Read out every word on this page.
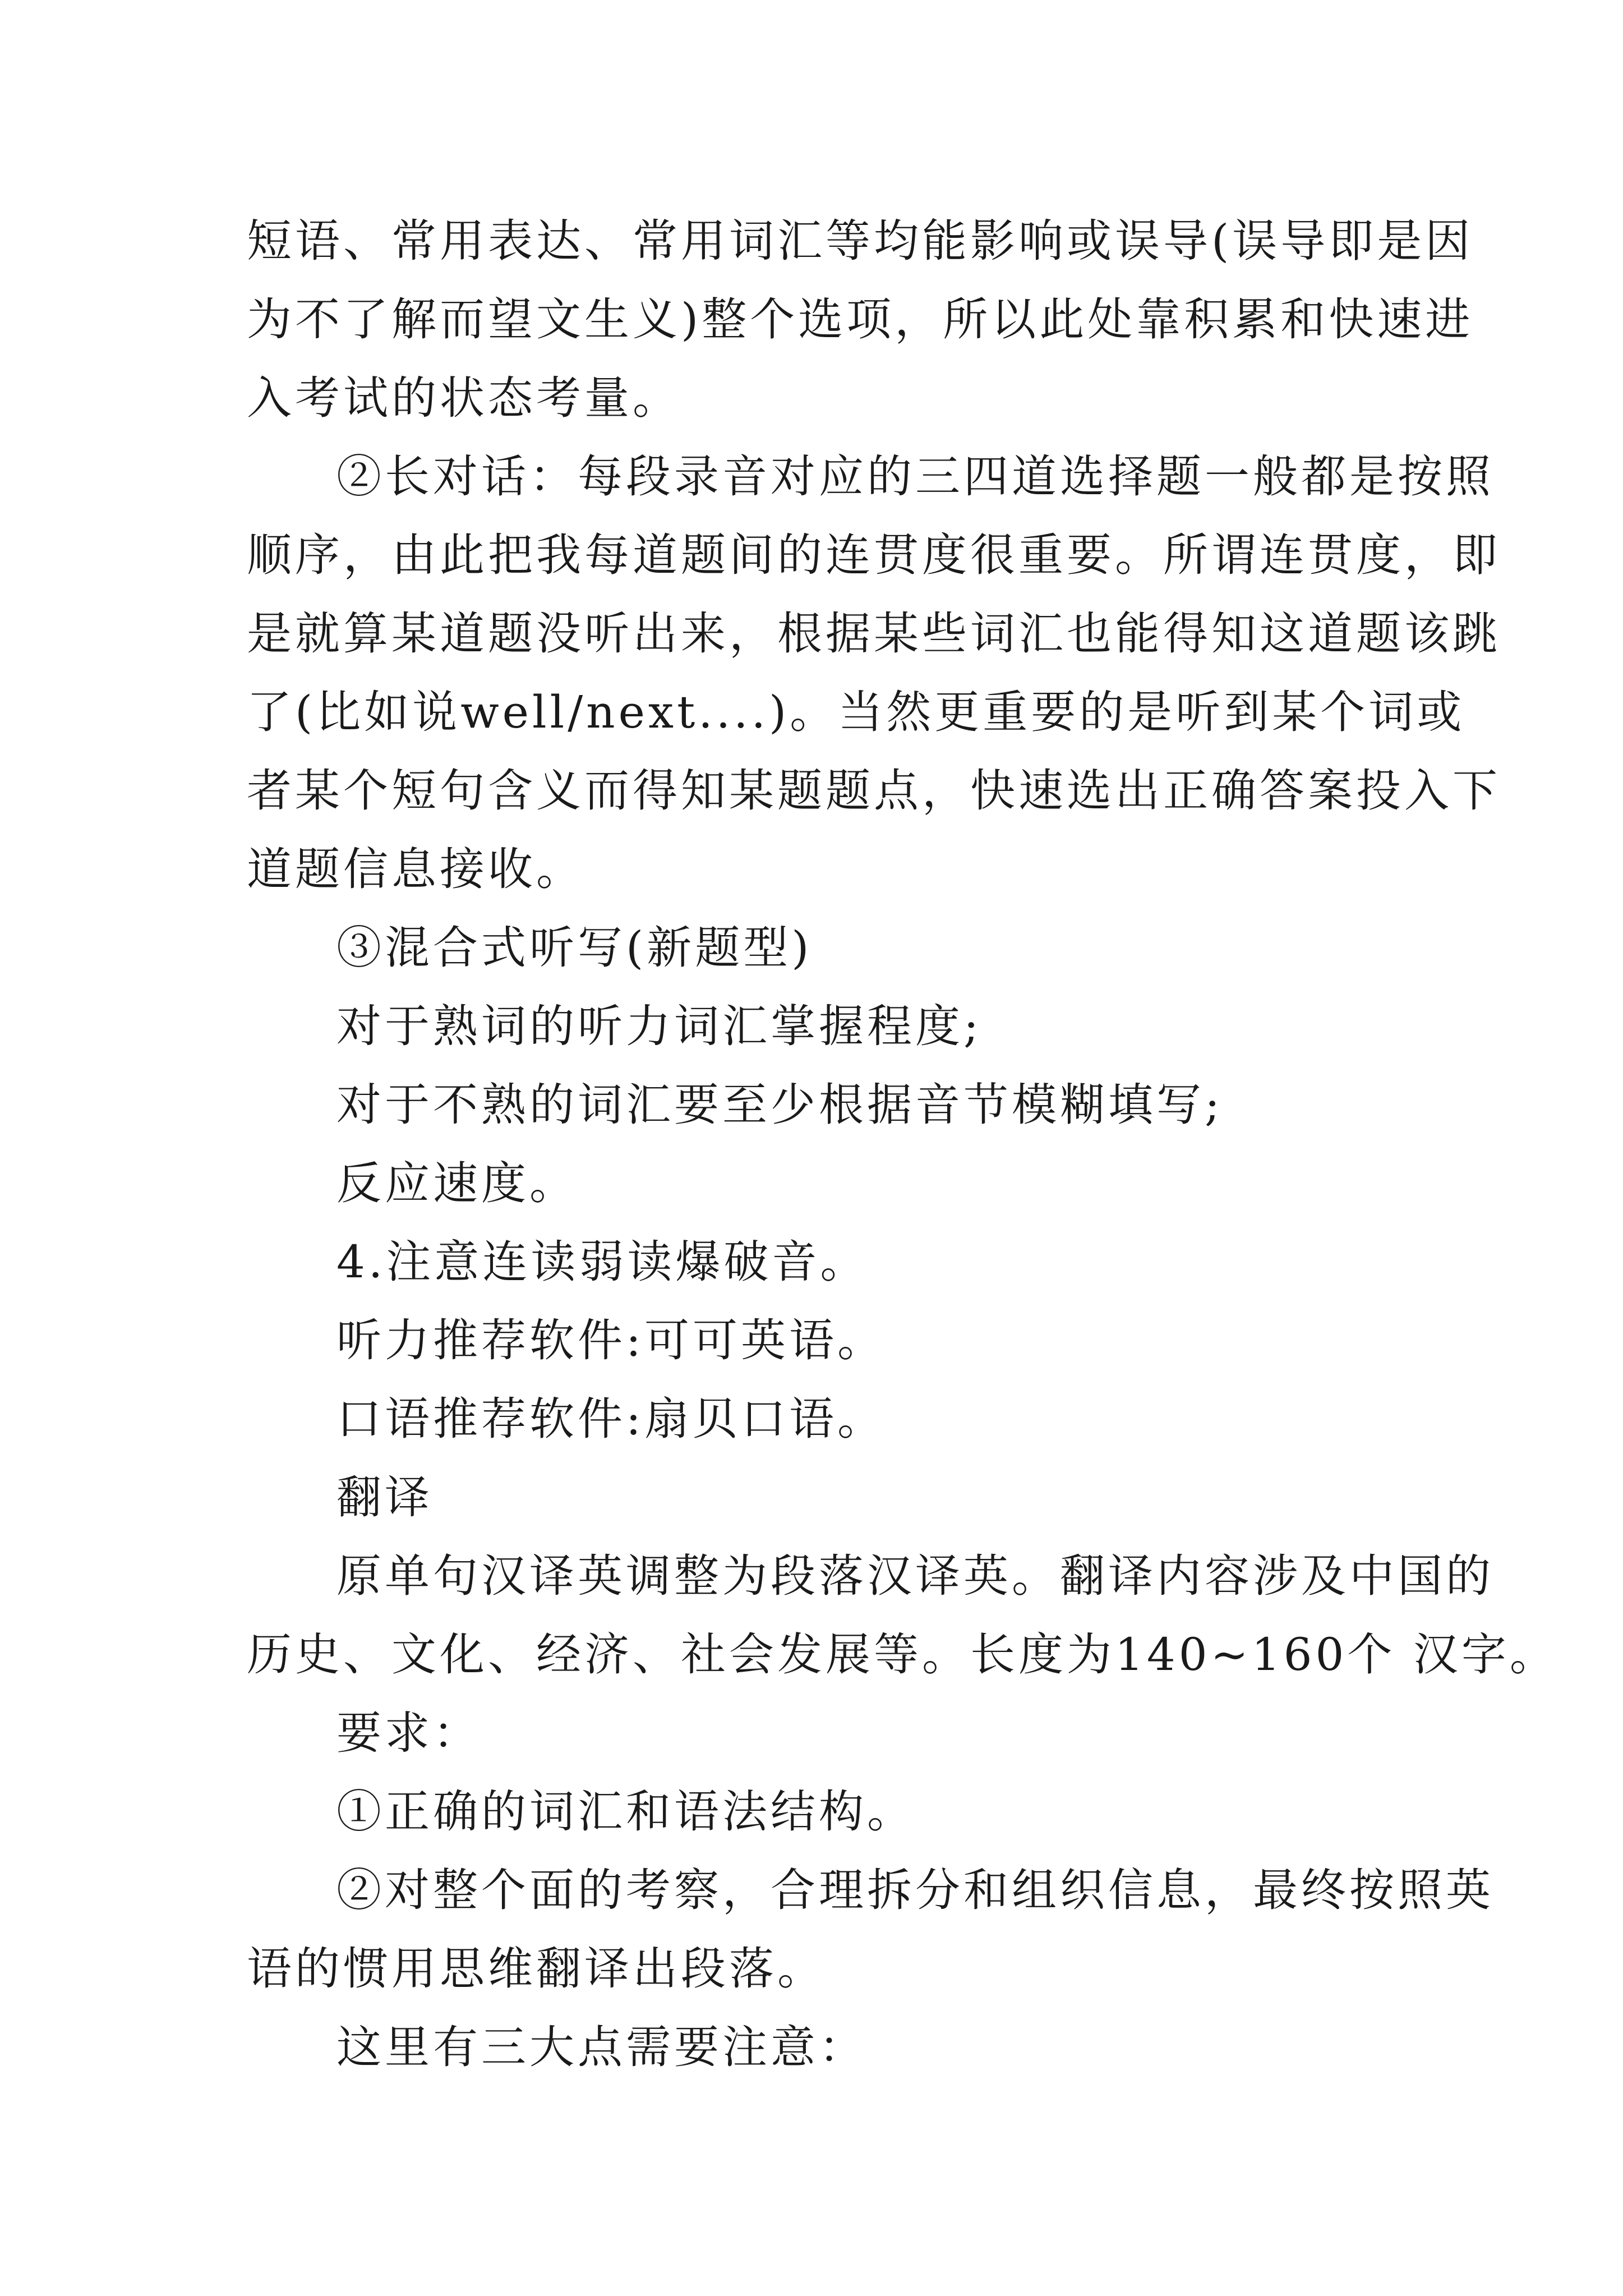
短语、常用表达、常用词汇等均能影响或误导(误导即是因
为不了解而望文生义)整个选项，所以此处靠积累和快速进
入考试的状态考量。
②长对话：每段录音对应的三四道选择题一般都是按照
顺序，由此把我每道题间的连贯度很重要。所谓连贯度，即
是就算某道题没听出来，根据某些词汇也能得知这道题该跳
了(比如说well/next....)。当然更重要的是听到某个词或
者某个短句含义而得知某题题点，快速选出正确答案投入下
道题信息接收。
③混合式听写(新题型)
对于熟词的听力词汇掌握程度;
对于不熟的词汇要至少根据音节模糊填写;
反应速度。
4.注意连读弱读爆破音。
听力推荐软件:可可英语。
口语推荐软件:扇贝口语。
翻译
原单句汉译英调整为段落汉译英。翻译内容涉及中国的
历史、文化、经济、社会发展等。长度为140~160个 汉字。
要求：
①正确的词汇和语法结构。
②对整个面的考察，合理拆分和组织信息，最终按照英
语的惯用思维翻译出段落。
这里有三大点需要注意：
